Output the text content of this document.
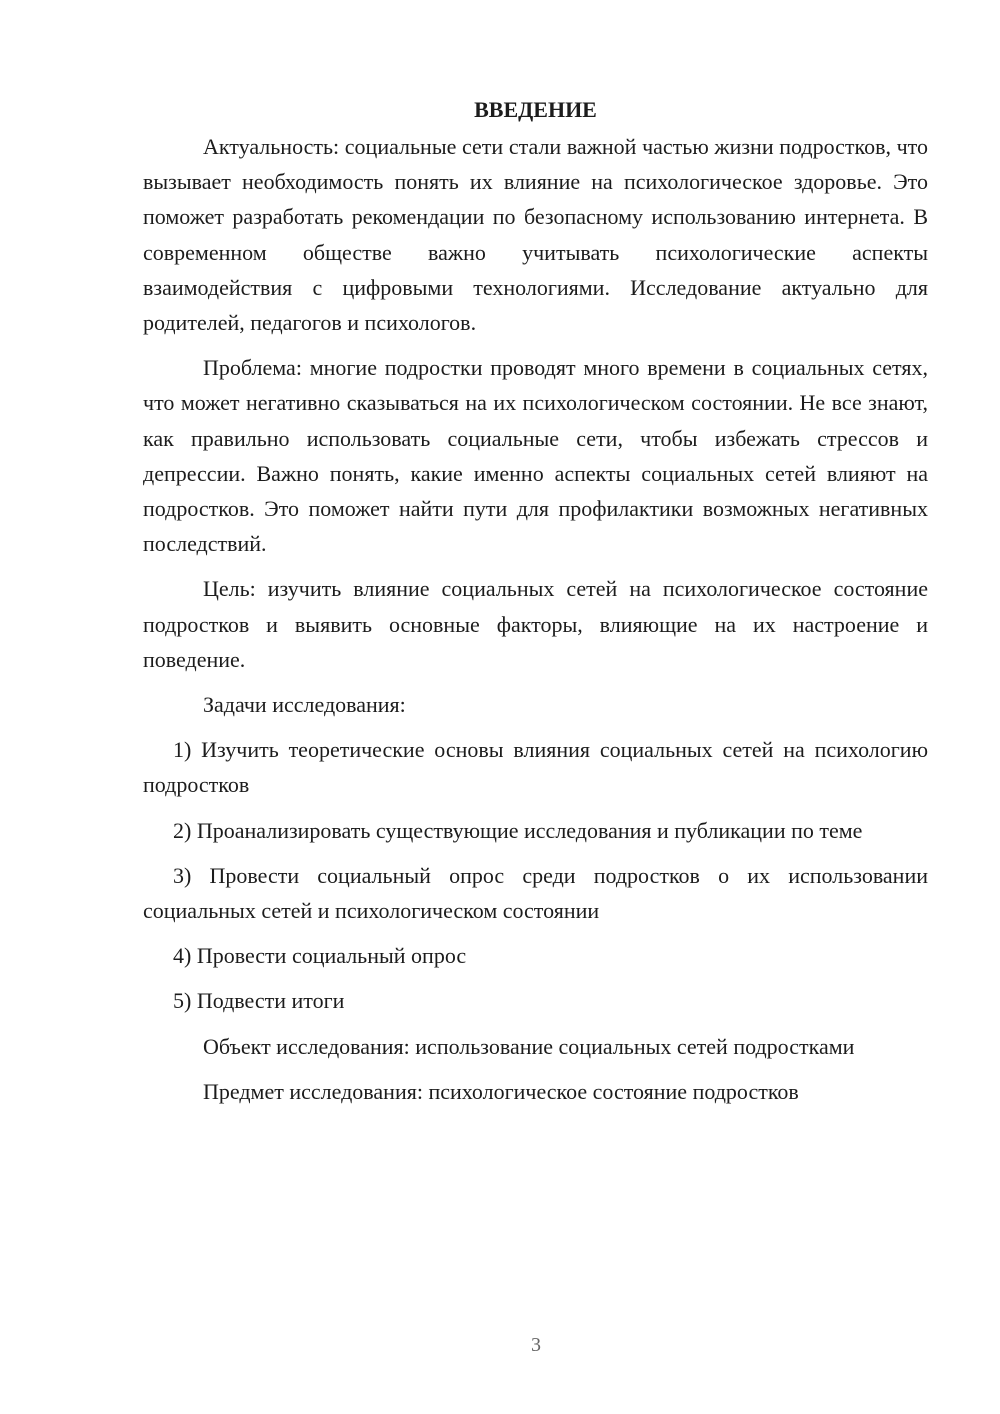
ВВЕДЕНИЕ

Актуальность: социальные сети стали важной частью жизни подростков, что вызывает необходимость понять их влияние на психологическое здоровье. Это поможет разработать рекомендации по безопасному использованию интернета. В современном обществе важно учитывать психологические аспекты взаимодействия с цифровыми технологиями. Исследование актуально для родителей, педагогов и психологов.

Проблема: многие подростки проводят много времени в социальных сетях, что может негативно сказываться на их психологическом состоянии. Не все знают, как правильно использовать социальные сети, чтобы избежать стрессов и депрессии. Важно понять, какие именно аспекты социальных сетей влияют на подростков. Это поможет найти пути для профилактики возможных негативных последствий.

Цель: изучить влияние социальных сетей на психологическое состояние подростков и выявить основные факторы, влияющие на их настроение и поведение.

Задачи исследования:

1) Изучить теоретические основы влияния социальных сетей на психологию подростков

2) Проанализировать существующие исследования и публикации по теме

3) Провести социальный опрос среди подростков о их использовании социальных сетей и психологическом состоянии

4) Провести социальный опрос

5) Подвести итоги

Объект исследования: использование социальных сетей подростками

Предмет исследования: психологическое состояние подростков

3
